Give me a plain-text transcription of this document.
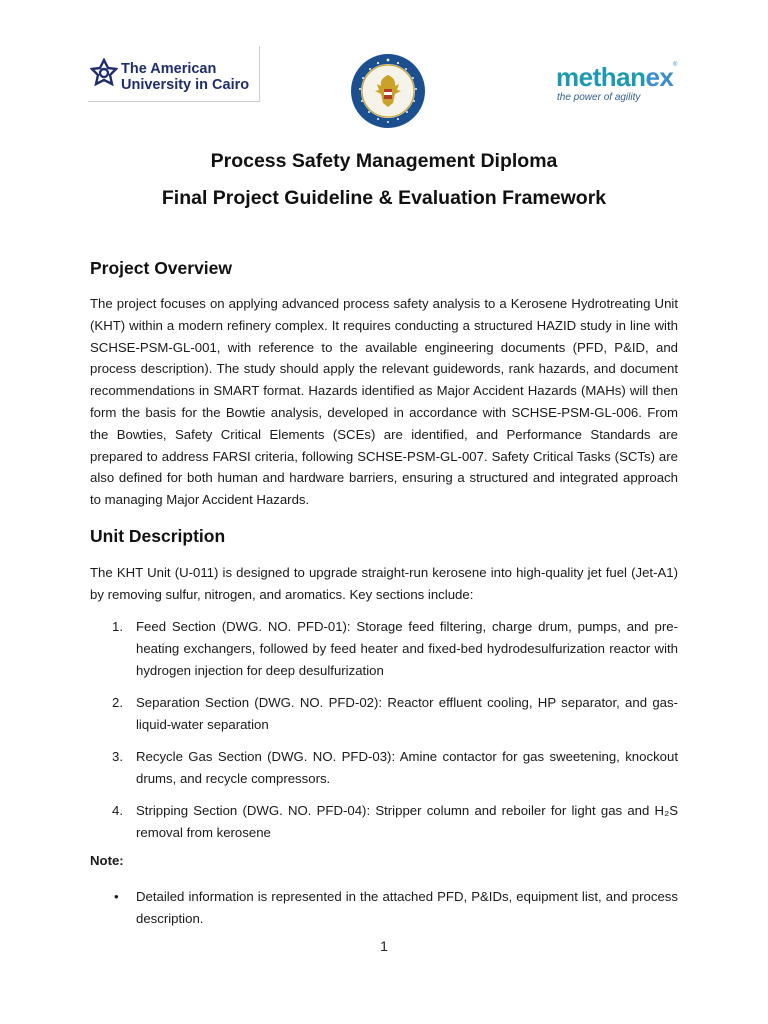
The American
University in Cairo	methanex ®
the power of agility
Process Safety Management Diploma
Final Project Guideline & Evaluation Framework
Project Overview
The project focuses on applying advanced process safety analysis to a Kerosene Hydrotreating Unit (KHT) within a modern refinery complex. It requires conducting a structured HAZID study in line with SCHSE-PSM-GL-001, with reference to the available engineering documents (PFD, P&ID, and process description). The study should apply the relevant guidewords, rank hazards, and document recommendations in SMART format. Hazards identified as Major Accident Hazards (MAHs) will then form the basis for the Bowtie analysis, developed in accordance with SCHSE-PSM-GL-006. From the Bowties, Safety Critical Elements (SCEs) are identified, and Performance Standards are prepared to address FARSI criteria, following SCHSE-PSM-GL-007. Safety Critical Tasks (SCTs) are also defined for both human and hardware barriers, ensuring a structured and integrated approach to managing Major Accident Hazards.
Unit Description
The KHT Unit (U-011) is designed to upgrade straight-run kerosene into high-quality jet fuel (Jet-A1) by removing sulfur, nitrogen, and aromatics. Key sections include:
1. Feed Section (DWG. NO. PFD-01): Storage feed filtering, charge drum, pumps, and pre-heating exchangers, followed by feed heater and fixed-bed hydrodesulfurization reactor with hydrogen injection for deep desulfurization
2. Separation Section (DWG. NO. PFD-02): Reactor effluent cooling, HP separator, and gas-liquid-water separation
3. Recycle Gas Section (DWG. NO. PFD-03): Amine contactor for gas sweetening, knockout drums, and recycle compressors.
4. Stripping Section (DWG. NO. PFD-04): Stripper column and reboiler for light gas and H₂S removal from kerosene
Note:
• Detailed information is represented in the attached PFD, P&IDs, equipment list, and process description.
1
